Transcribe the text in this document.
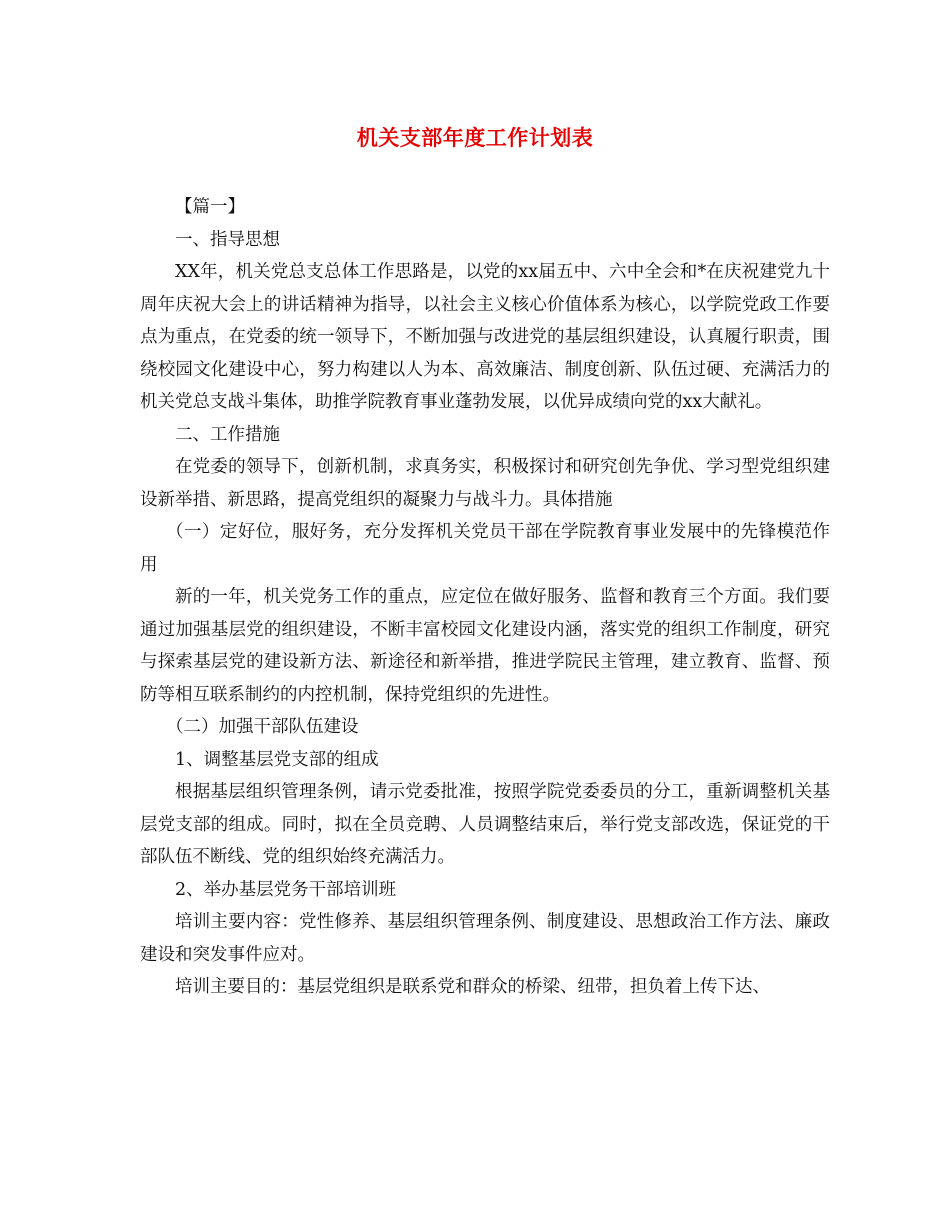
机关支部年度工作计划表

【篇一】

一、指导思想

XX年，机关党总支总体工作思路是，以党的xx届五中、六中全会和*在庆祝建党九十周年庆祝大会上的讲话精神为指导，以社会主义核心价值体系为核心，以学院党政工作要点为重点，在党委的统一领导下，不断加强与改进党的基层组织建设，认真履行职责，围绕校园文化建设中心，努力构建以人为本、高效廉洁、制度创新、队伍过硬、充满活力的机关党总支战斗集体，助推学院教育事业蓬勃发展，以优异成绩向党的xx大献礼。

二、工作措施

在党委的领导下，创新机制，求真务实，积极探讨和研究创先争优、学习型党组织建设新举措、新思路，提高党组织的凝聚力与战斗力。具体措施

（一）定好位，服好务，充分发挥机关党员干部在学院教育事业发展中的先锋模范作用

新的一年，机关党务工作的重点，应定位在做好服务、监督和教育三个方面。我们要通过加强基层党的组织建设，不断丰富校园文化建设内涵，落实党的组织工作制度，研究与探索基层党的建设新方法、新途径和新举措，推进学院民主管理，建立教育、监督、预防等相互联系制约的内控机制，保持党组织的先进性。

（二）加强干部队伍建设

1、调整基层党支部的组成

根据基层组织管理条例，请示党委批准，按照学院党委委员的分工，重新调整机关基层党支部的组成。同时，拟在全员竞聘、人员调整结束后，举行党支部改选，保证党的干部队伍不断线、党的组织始终充满活力。

2、举办基层党务干部培训班

培训主要内容：党性修养、基层组织管理条例、制度建设、思想政治工作方法、廉政建设和突发事件应对。

培训主要目的：基层党组织是联系党和群众的桥梁、纽带，担负着上传下达、
